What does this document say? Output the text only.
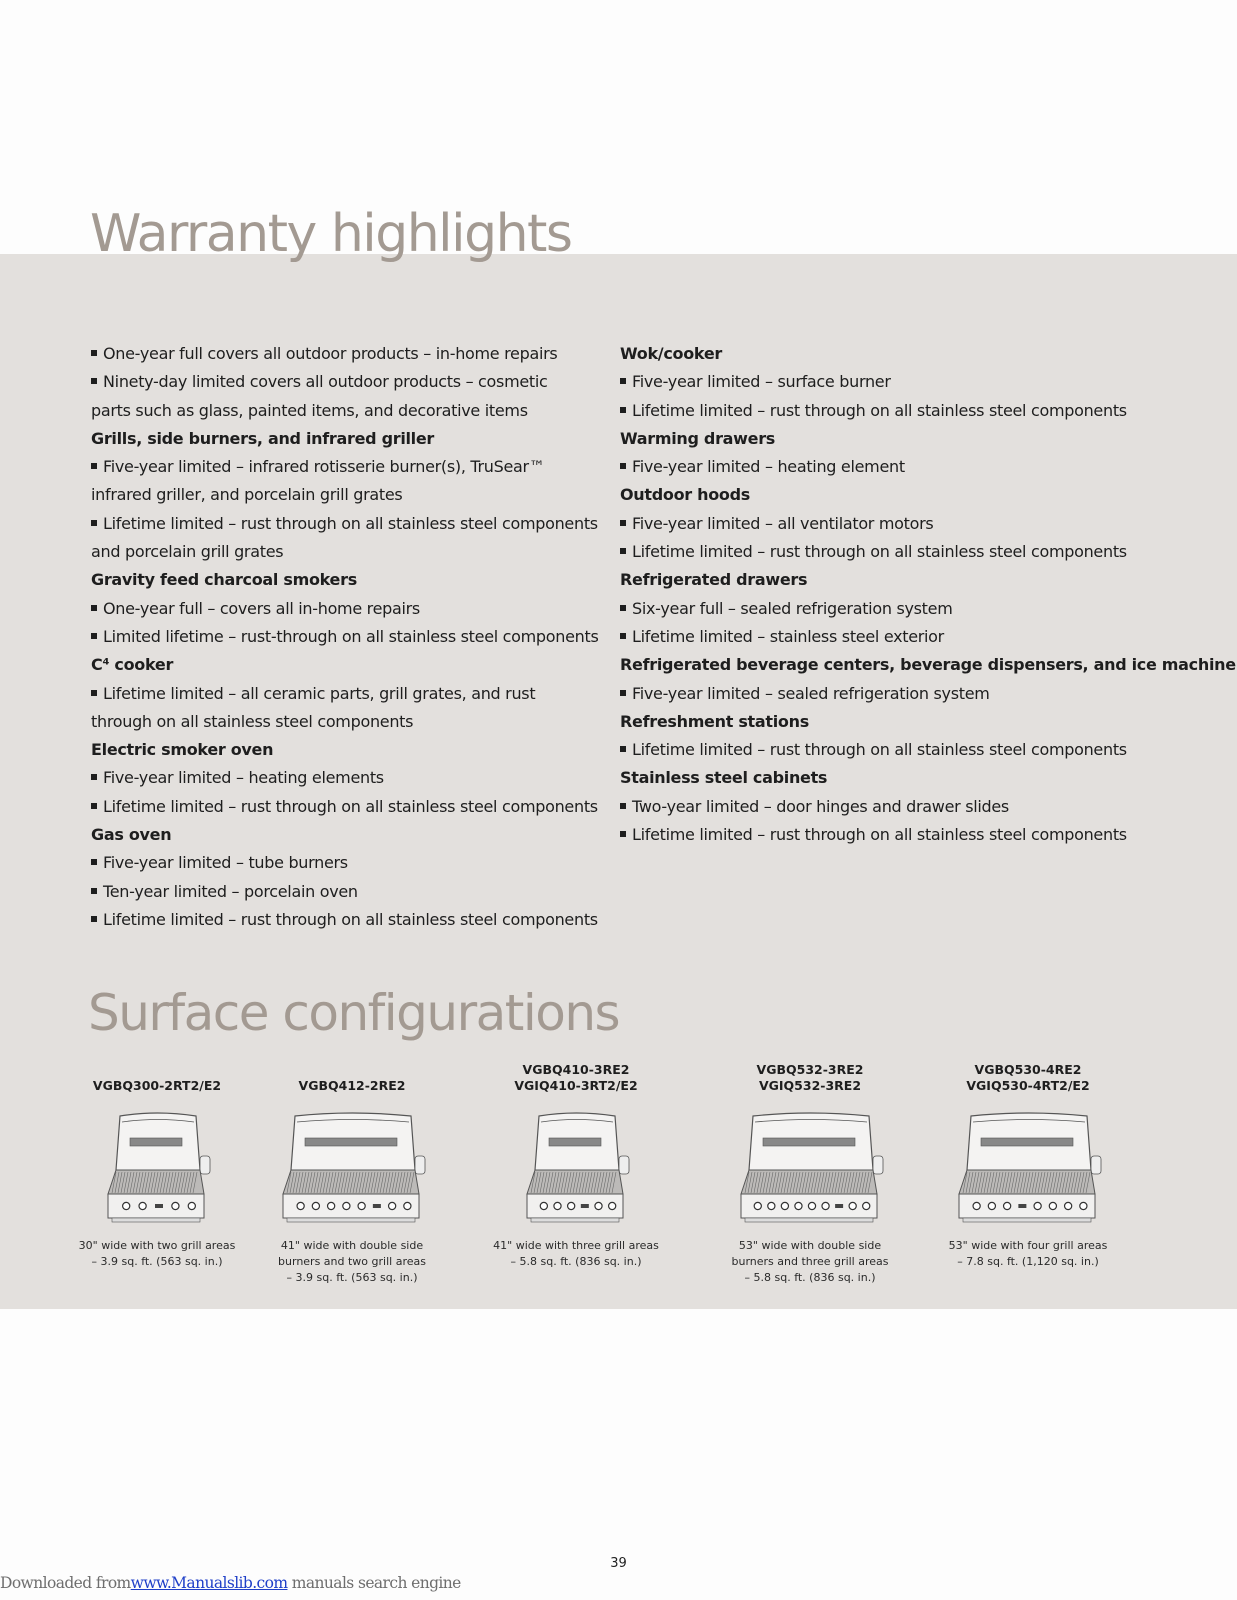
Warranty highlights
One-year full covers all outdoor products – in-home repairs
Ninety-day limited covers all outdoor products – cosmetic
parts such as glass, painted items, and decorative items
Grills, side burners, and infrared griller
Five-year limited – infrared rotisserie burner(s), TruSear™
infrared griller, and porcelain grill grates
Lifetime limited – rust through on all stainless steel components
and porcelain grill grates
Gravity feed charcoal smokers
One-year full – covers all in-home repairs
Limited lifetime – rust-through on all stainless steel components
C⁴ cooker
Lifetime limited – all ceramic parts, grill grates, and rust
through on all stainless steel components
Electric smoker oven
Five-year limited – heating elements
Lifetime limited – rust through on all stainless steel components
Gas oven
Five-year limited – tube burners
Ten-year limited – porcelain oven
Lifetime limited – rust through on all stainless steel components
Wok/cooker
Five-year limited – surface burner
Lifetime limited – rust through on all stainless steel components
Warming drawers
Five-year limited – heating element
Outdoor hoods
Five-year limited – all ventilator motors
Lifetime limited – rust through on all stainless steel components
Refrigerated drawers
Six-year full – sealed refrigeration system
Lifetime limited – stainless steel exterior
Refrigerated beverage centers, beverage dispensers, and ice machine
Five-year limited – sealed refrigeration system
Refreshment stations
Lifetime limited – rust through on all stainless steel components
Stainless steel cabinets
Two-year limited – door hinges and drawer slides
Lifetime limited – rust through on all stainless steel components
Surface configurations
VGBQ300-2RT2/E2
30" wide with two grill areas
– 3.9 sq. ft. (563 sq. in.)
VGBQ412-2RE2
41" wide with double side
burners and two grill areas
– 3.9 sq. ft. (563 sq. in.)
VGBQ410-3RE2
VGIQ410-3RT2/E2
41" wide with three grill areas
– 5.8 sq. ft. (836 sq. in.)
VGBQ532-3RE2
VGIQ532-3RE2
53" wide with double side
burners and three grill areas
– 5.8 sq. ft. (836 sq. in.)
VGBQ530-4RE2
VGIQ530-4RT2/E2
53" wide with four grill areas
– 7.8 sq. ft. (1,120 sq. in.)
39
Downloaded fromwww.Manualslib.com manuals search engine
